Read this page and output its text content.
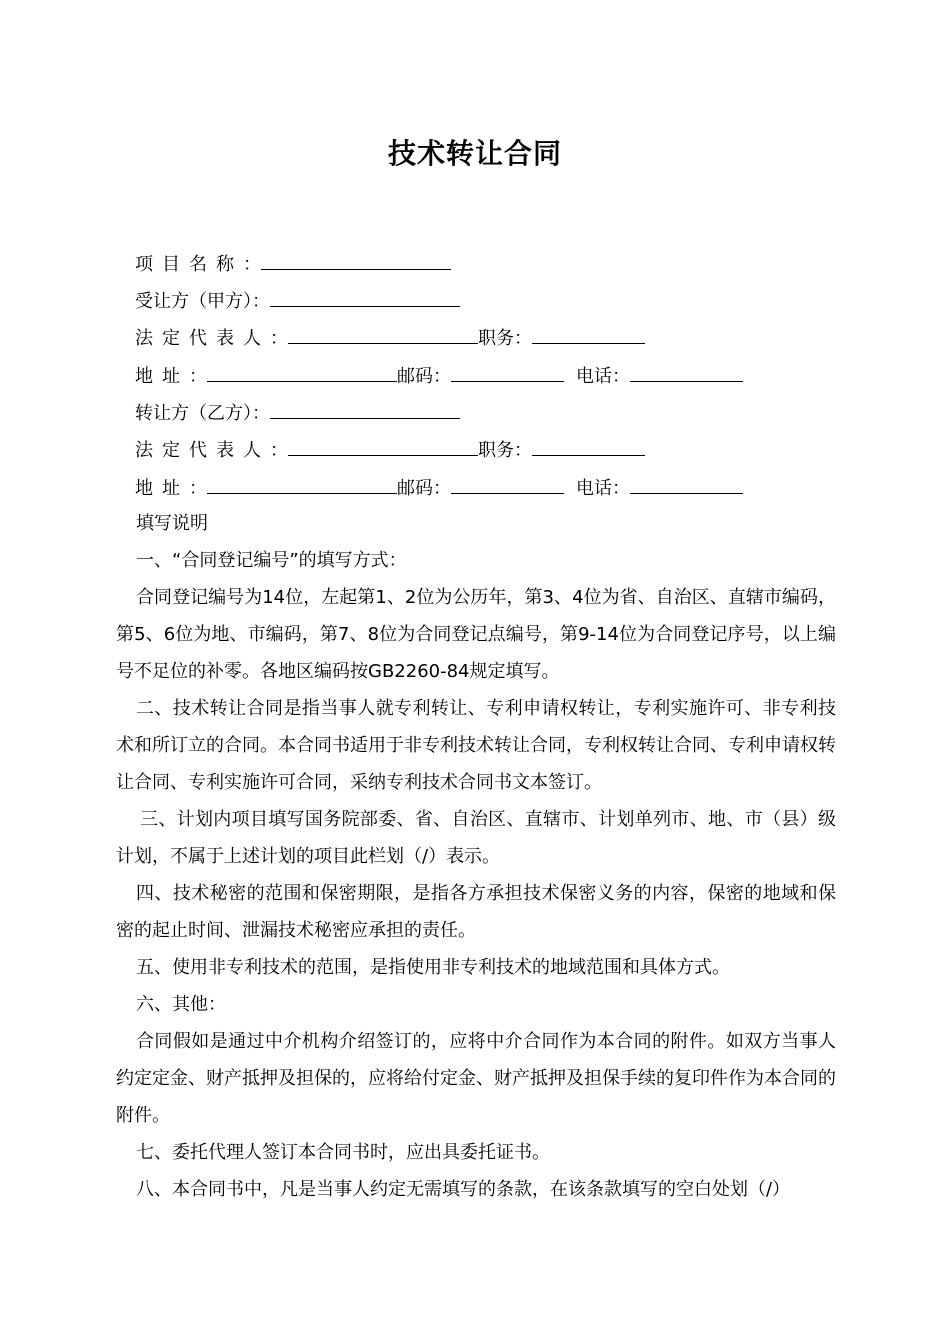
技术转让合同
项目名称：
受让方（甲方）：
法定代表人：	职务：
地址：	邮码：	电话：
转让方（乙方）：
法定代表人：	职务：
地址：	邮码：	电话：

填写说明

一、“合同登记编号”的填写方式：

合同登记编号为14位，左起第1、2位为公历年，第3、4位为省、自治区、直辖市编码，第5、6位为地、市编码，第7、8位为合同登记点编号，第9-14位为合同登记序号，以上编号不足位的补零。各地区编码按GB2260-84规定填写。

二、技术转让合同是指当事人就专利转让、专利申请权转让，专利实施许可、非专利技术和所订立的合同。本合同书适用于非专利技术转让合同，专利权转让合同、专利申请权转让合同、专利实施许可合同，采纳专利技术合同书文本签订。

三、计划内项目填写国务院部委、省、自治区、直辖市、计划单列市、地、市（县）级计划，不属于上述计划的项目此栏划（/）表示。

四、技术秘密的范围和保密期限，是指各方承担技术保密义务的内容，保密的地域和保密的起止时间、泄漏技术秘密应承担的责任。

五、使用非专利技术的范围，是指使用非专利技术的地域范围和具体方式。

六、其他：

合同假如是通过中介机构介绍签订的，应将中介合同作为本合同的附件。如双方当事人约定定金、财产抵押及担保的，应将给付定金、财产抵押及担保手续的复印件作为本合同的附件。

七、委托代理人签订本合同书时，应出具委托证书。

八、本合同书中，凡是当事人约定无需填写的条款，在该条款填写的空白处划（/）
